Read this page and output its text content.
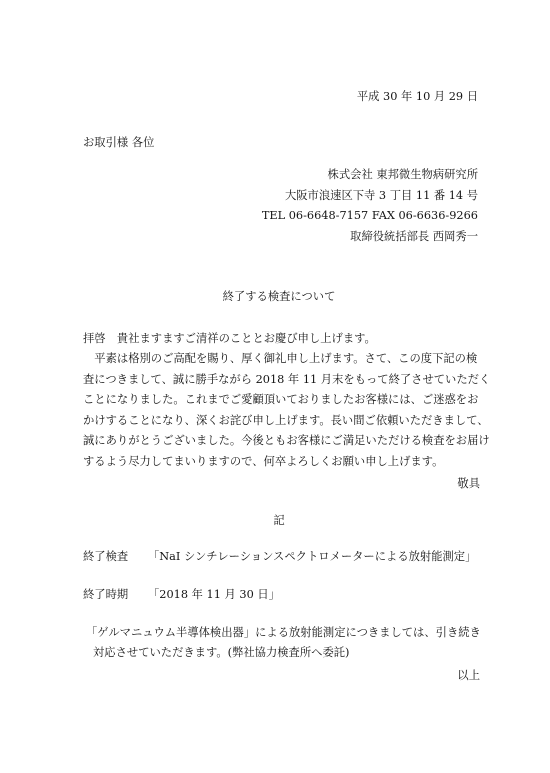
平成 30 年 10 月 29 日
お取引様 各位
株式会社 東邦微生物病研究所
大阪市浪速区下寺 3 丁目 11 番 14 号
TEL 06-6648-7157 FAX 06-6636-9266
取締役統括部長 西岡秀一
終了する検査について
拝啓　貴社ますますご清祥のこととお慶び申し上げます。
　平素は格別のご高配を賜り、厚く御礼申し上げます。さて、この度下記の検
査につきまして、誠に勝手ながら 2018 年 11 月末をもって終了させていただく
ことになりました。これまでご愛顧頂いておりましたお客様には、ご迷惑をお
かけすることになり、深くお詫び申し上げます。長い間ご依頼いただきまして、
誠にありがとうございました。今後ともお客様にご満足いただける検査をお届け
するよう尽力してまいりますので、何卒よろしくお願い申し上げます。
敬具
記
終了検査 「NaI シンチレーションスペクトロメーターによる放射能測定」
終了時期 「2018 年 11 月 30 日」
「ゲルマニュウム半導体検出器」による放射能測定につきましては、引き続き
対応させていただきます。(弊社協力検査所へ委託)
以上
